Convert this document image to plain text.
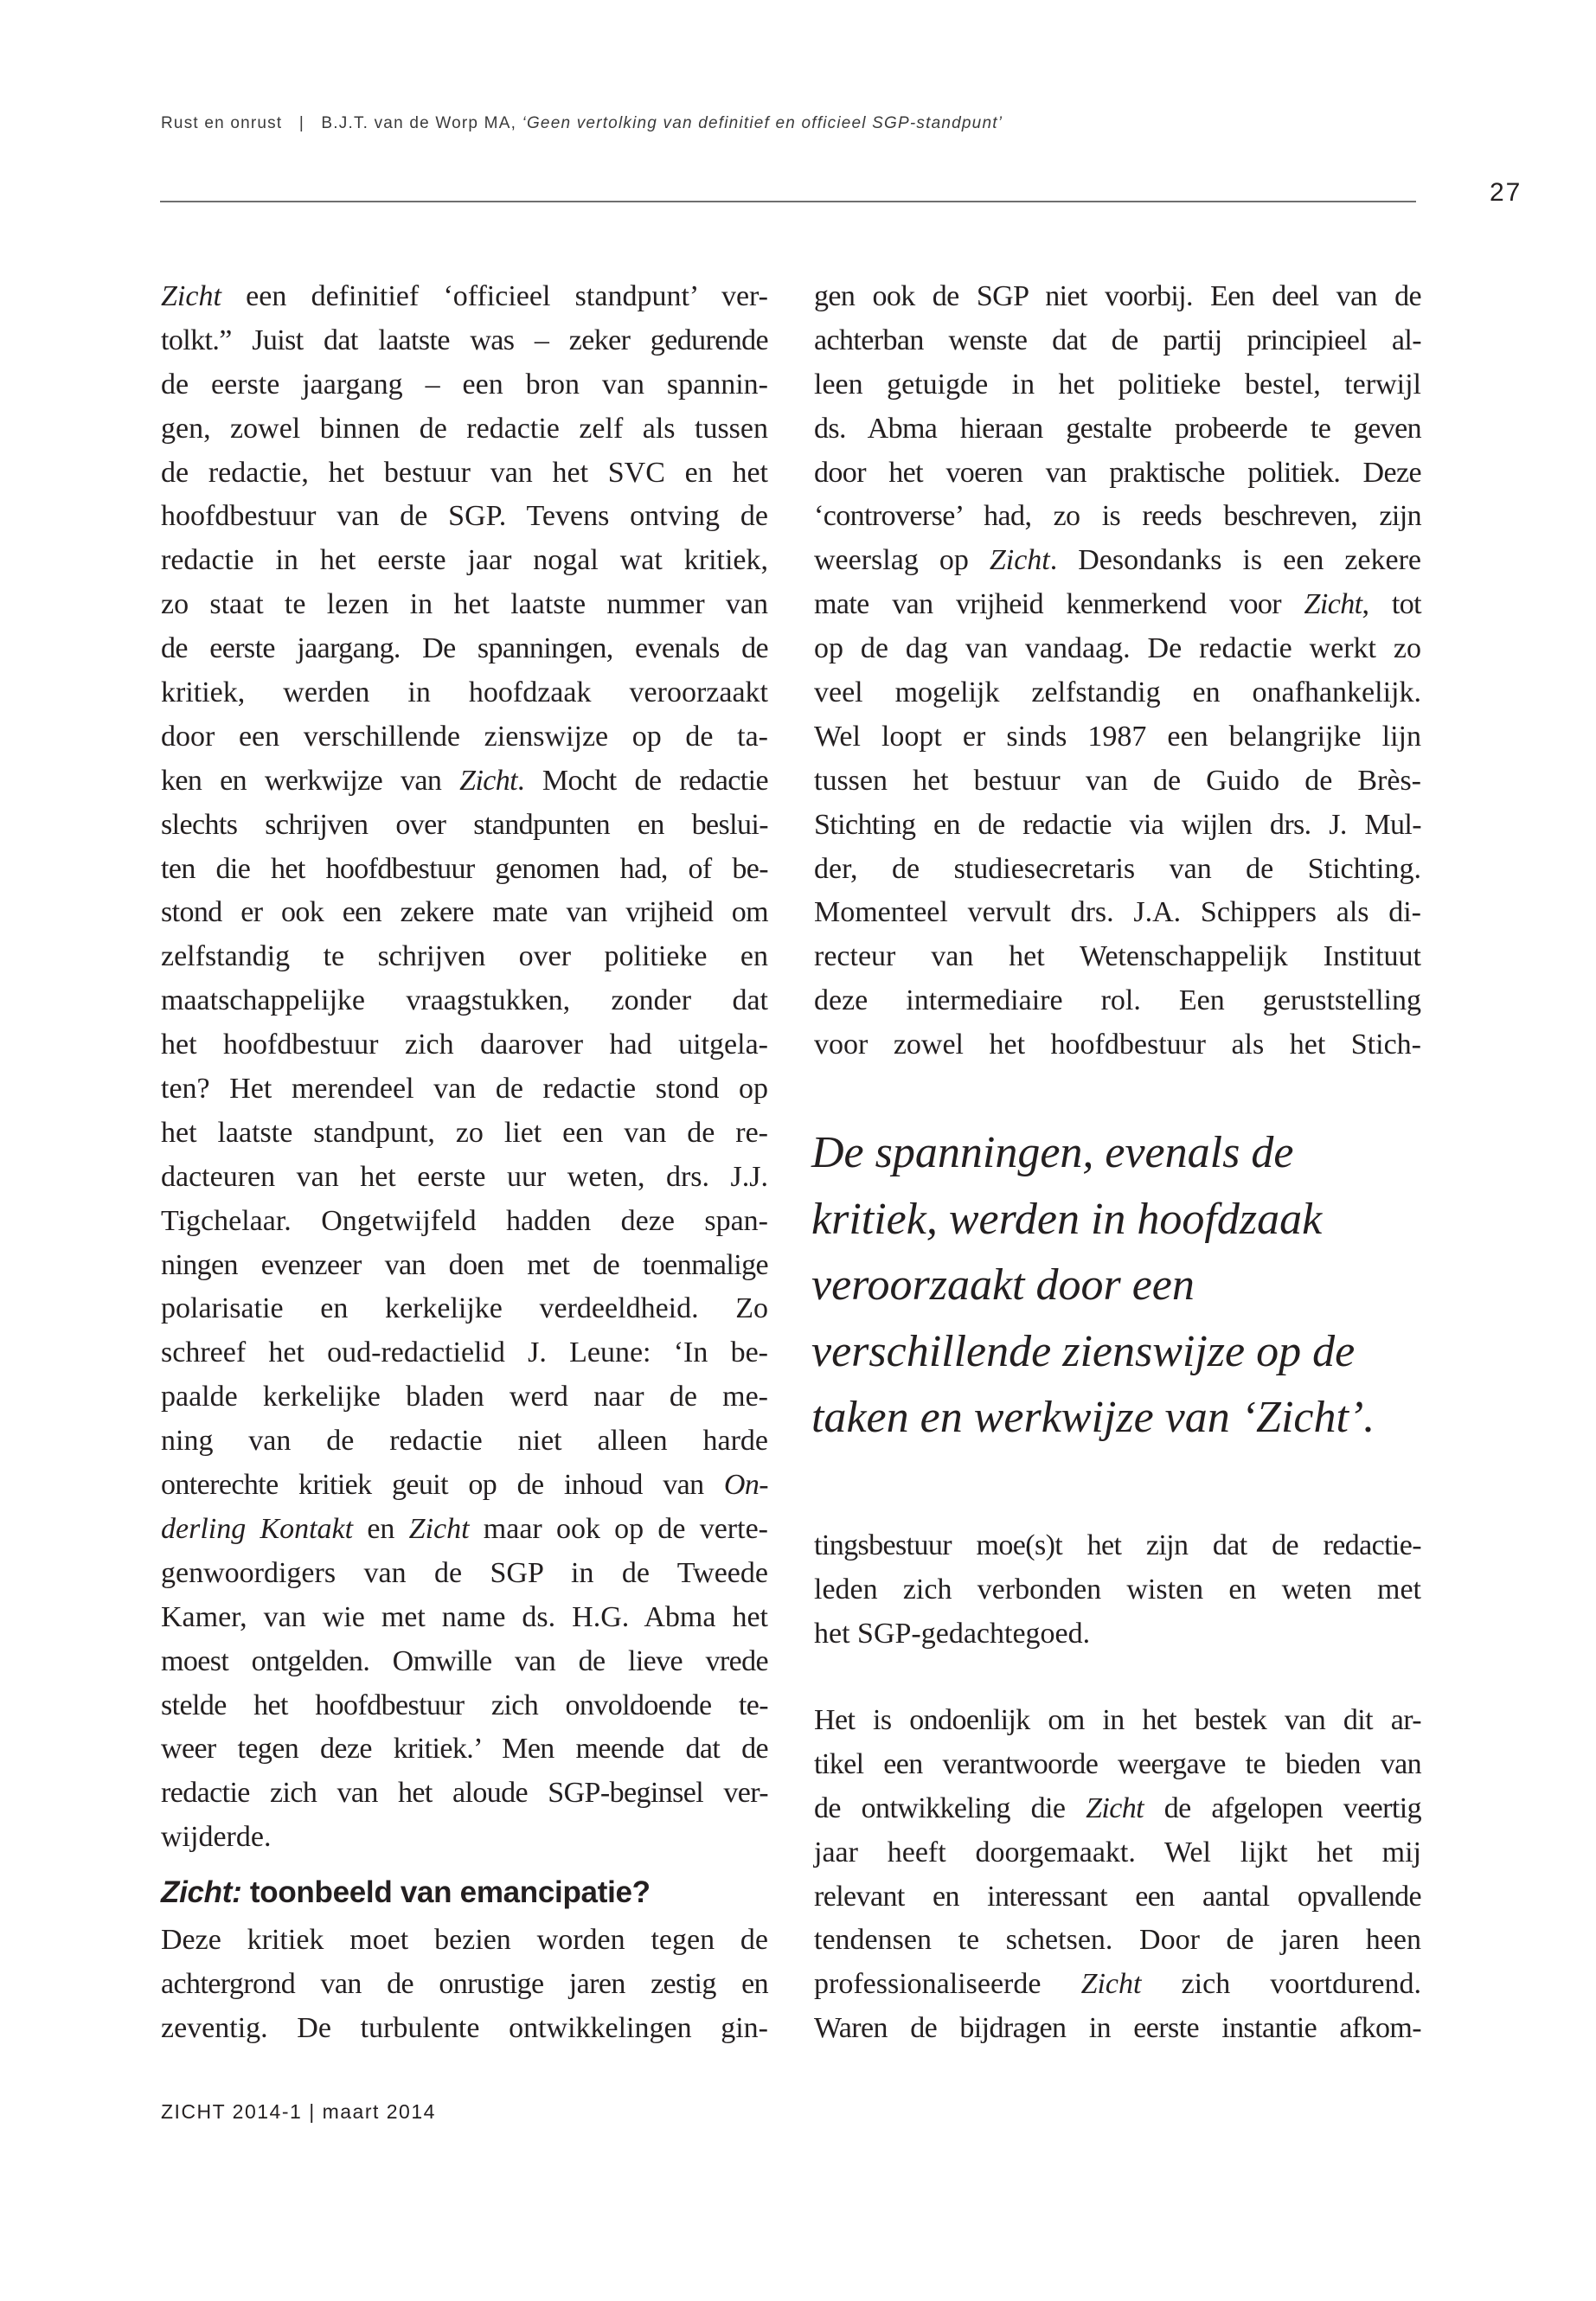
Rust en onrust | B.J.T. van de Worp MA, ‘Geen vertolking van definitief en officieel SGP-standpunt’
27
Zicht een definitief ‘officieel standpunt’ ver-
tolkt.” Juist dat laatste was – zeker gedurende
de eerste jaargang – een bron van spannin-
gen, zowel binnen de redactie zelf als tussen
de redactie, het bestuur van het SVC en het
hoofdbestuur van de SGP. Tevens ontving de
redactie in het eerste jaar nogal wat kritiek,
zo staat te lezen in het laatste nummer van
de eerste jaargang. De spanningen, evenals de
kritiek, werden in hoofdzaak veroorzaakt
door een verschillende zienswijze op de ta-
ken en werkwijze van Zicht. Mocht de redactie
slechts schrijven over standpunten en beslui-
ten die het hoofdbestuur genomen had, of be-
stond er ook een zekere mate van vrijheid om
zelfstandig te schrijven over politieke en
maatschappelijke vraagstukken, zonder dat
het hoofdbestuur zich daarover had uitgela-
ten? Het merendeel van de redactie stond op
het laatste standpunt, zo liet een van de re-
dacteuren van het eerste uur weten, drs. J.J.
Tigchelaar. Ongetwijfeld hadden deze span-
ningen evenzeer van doen met de toenmalige
polarisatie en kerkelijke verdeeldheid. Zo
schreef het oud-redactielid J. Leune: ‘In be-
paalde kerkelijke bladen werd naar de me-
ning van de redactie niet alleen harde
onterechte kritiek geuit op de inhoud van On-
derling Kontakt en Zicht maar ook op de verte-
genwoordigers van de SGP in de Tweede
Kamer, van wie met name ds. H.G. Abma het
moest ontgelden. Omwille van de lieve vrede
stelde het hoofdbestuur zich onvoldoende te-
weer tegen deze kritiek.’ Men meende dat de
redactie zich van het aloude SGP-beginsel ver-
wijderde.
Zicht: toonbeeld van emancipatie?
Deze kritiek moet bezien worden tegen de
achtergrond van de onrustige jaren zestig en
zeventig. De turbulente ontwikkelingen gin-
gen ook de SGP niet voorbij. Een deel van de
achterban wenste dat de partij principieel al-
leen getuigde in het politieke bestel, terwijl
ds. Abma hieraan gestalte probeerde te geven
door het voeren van praktische politiek. Deze
‘controverse’ had, zo is reeds beschreven, zijn
weerslag op Zicht. Desondanks is een zekere
mate van vrijheid kenmerkend voor Zicht, tot
op de dag van vandaag. De redactie werkt zo
veel mogelijk zelfstandig en onafhankelijk.
Wel loopt er sinds 1987 een belangrijke lijn
tussen het bestuur van de Guido de Brès-
Stichting en de redactie via wijlen drs. J. Mul-
der, de studiesecretaris van de Stichting.
Momenteel vervult drs. J.A. Schippers als di-
recteur van het Wetenschappelijk Instituut
deze intermediaire rol. Een geruststelling
voor zowel het hoofdbestuur als het Stich-
De spanningen, evenals de
kritiek, werden in hoofdzaak
veroorzaakt door een
verschillende zienswijze op de
taken en werkwijze van ‘Zicht’.
tingsbestuur moe(s)t het zijn dat de redactie-
leden zich verbonden wisten en weten met
het SGP-gedachtegoed.
Het is ondoenlijk om in het bestek van dit ar-
tikel een verantwoorde weergave te bieden van
de ontwikkeling die Zicht de afgelopen veertig
jaar heeft doorgemaakt. Wel lijkt het mij
relevant en interessant een aantal opvallende
tendensen te schetsen. Door de jaren heen
professionaliseerde Zicht zich voortdurend.
Waren de bijdragen in eerste instantie afkom-
ZICHT 2014-1 | maart 2014
